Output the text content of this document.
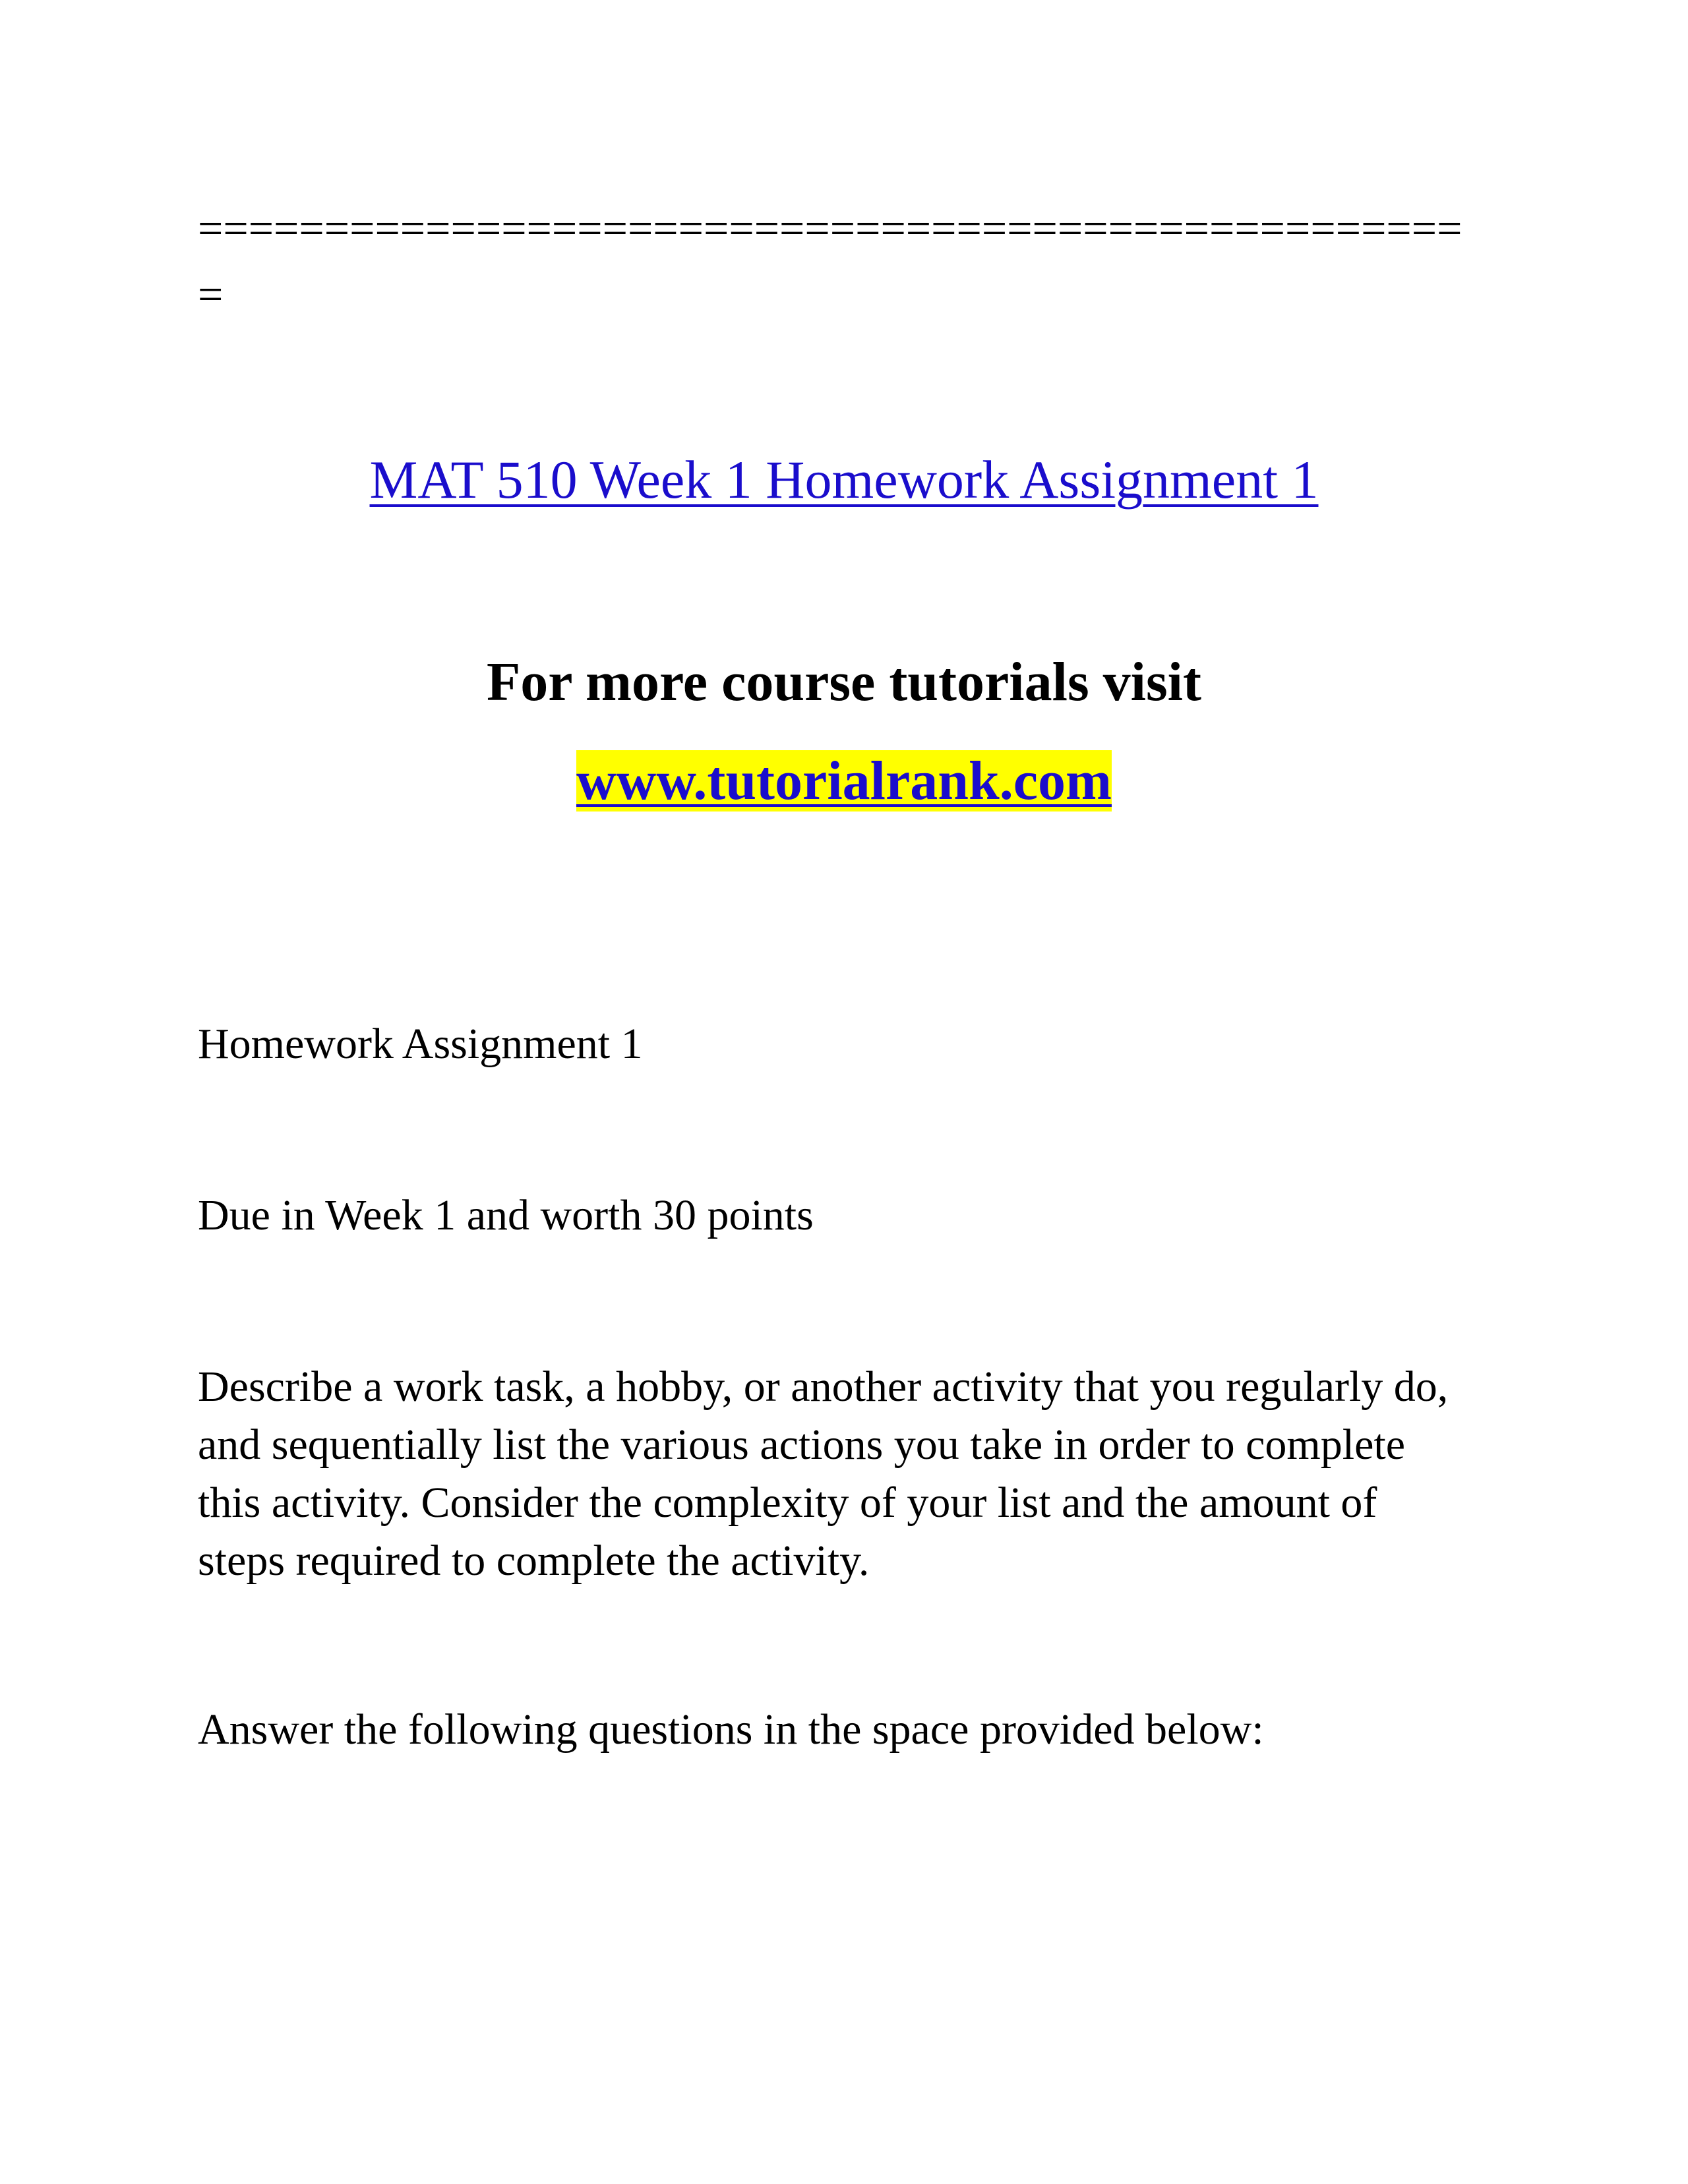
==================================================
=
MAT 510 Week 1 Homework Assignment 1
For more course tutorials visit
www.tutorialrank.com
Homework Assignment 1
Due in Week 1 and worth 30 points
Describe a work task, a hobby, or another activity that you regularly do,
and sequentially list the various actions you take in order to complete
this activity. Consider the complexity of your list and the amount of
steps required to complete the activity.
Answer the following questions in the space provided below:
